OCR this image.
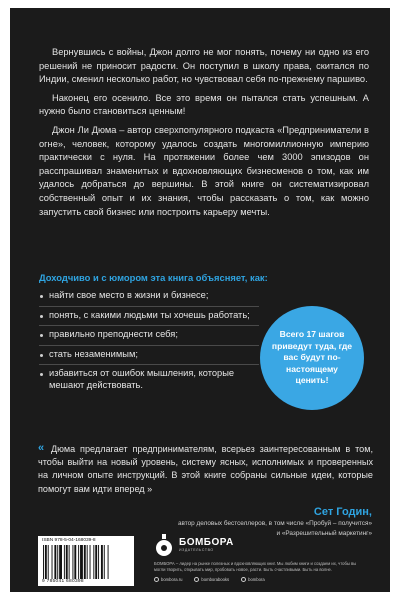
Вернувшись с войны, Джон долго не мог понять, почему ни одно из его решений не приносит радости. Он поступил в школу права, скитался по Индии, сменил несколько работ, но чувствовал себя по-прежнему паршиво.

Наконец его осенило. Все это время он пытался стать успешным. А нужно было становиться ценным!

Джон Ли Дюма – автор сверхпопулярного подкаста «Предприниматели в огне», человек, которому удалось создать многомиллионную империю практически с нуля. На протяжении более чем 3000 эпизодов он расспрашивал знаменитых и вдохновляющих бизнесменов о том, как им удалось добраться до вершины. В этой книге он систематизировал собственный опыт и их знания, чтобы рассказать о том, как можно запустить свой бизнес или построить карьеру мечты.

Доходчиво и с юмором эта книга объясняет, как:
найти свое место в жизни и бизнесе;
понять, с какими людьми ты хочешь работать;
правильно преподнести себя;
стать незаменимым;
избавиться от ошибок мышления, которые мешают действовать.
Всего 17 шагов приведут туда, где вас будут по-настоящему ценить!
« Дюма предлагает предпринимателям, всерьез заинтересованным в том, чтобы выйти на новый уровень, систему ясных, исполнимых и проверенных на личном опыте инструкций. В этой книге собраны сильные идеи, которые помогут вам идти вперед »

Сет Годин,
автор деловых бестселлеров, в том числе «Пробуй – получится»
и «Разрешительный маркетинг»
ISBN 978-5-04-168039-8
9 785041 680398
БОМБОРА
ИЗДАТЕЛЬСТВО
БОМБОРА – лидер на рынке полезных и вдохновляющих книг. Мы любим книги и создаем их, чтобы вы могли творить, открывать мир, пробовать новое, расти. Быть счастливыми. Быть на волне.
bombora.ru	bomborabooks	bombora
